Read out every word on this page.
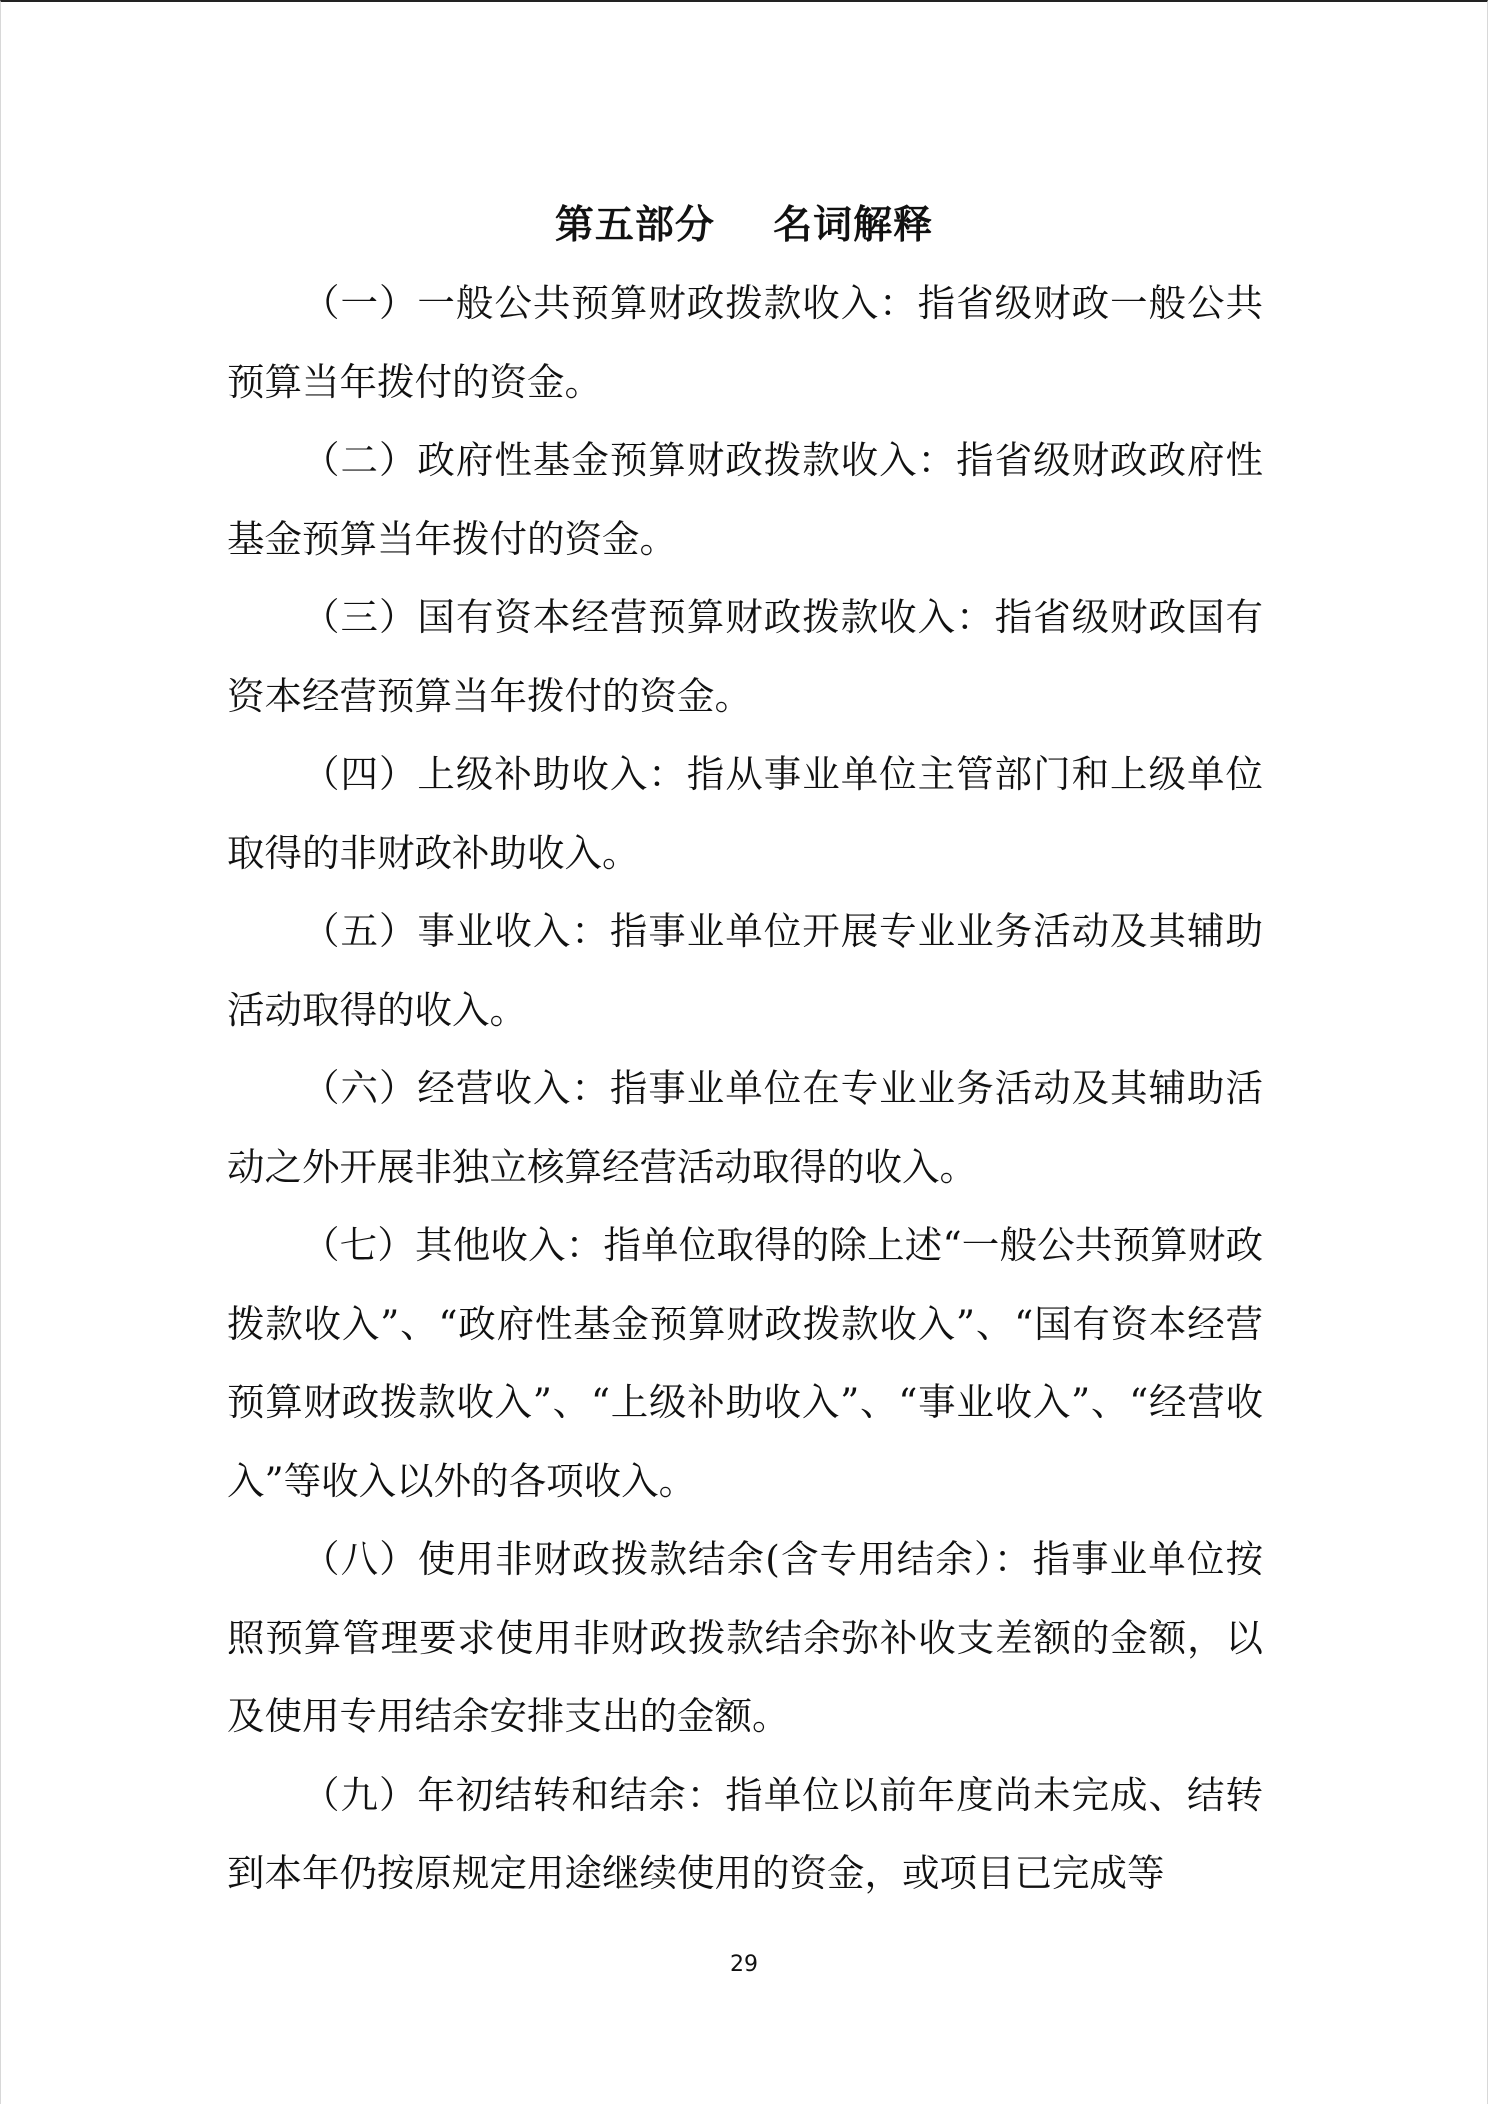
第五部分    名词解释

（一）一般公共预算财政拨款收入：指省级财政一般公共预算当年拨付的资金。

（二）政府性基金预算财政拨款收入：指省级财政政府性基金预算当年拨付的资金。

（三）国有资本经营预算财政拨款收入：指省级财政国有资本经营预算当年拨付的资金。

（四）上级补助收入：指从事业单位主管部门和上级单位取得的非财政补助收入。

（五）事业收入：指事业单位开展专业业务活动及其辅助活动取得的收入。

（六）经营收入：指事业单位在专业业务活动及其辅助活动之外开展非独立核算经营活动取得的收入。

（七）其他收入：指单位取得的除上述“一般公共预算财政拨款收入”、“政府性基金预算财政拨款收入”、“国有资本经营预算财政拨款收入”、“上级补助收入”、“事业收入”、“经营收入”等收入以外的各项收入。

（八）使用非财政拨款结余(含专用结余）：指事业单位按照预算管理要求使用非财政拨款结余弥补收支差额的金额，以及使用专用结余安排支出的金额。

（九）年初结转和结余：指单位以前年度尚未完成、结转到本年仍按原规定用途继续使用的资金，或项目已完成等

29
